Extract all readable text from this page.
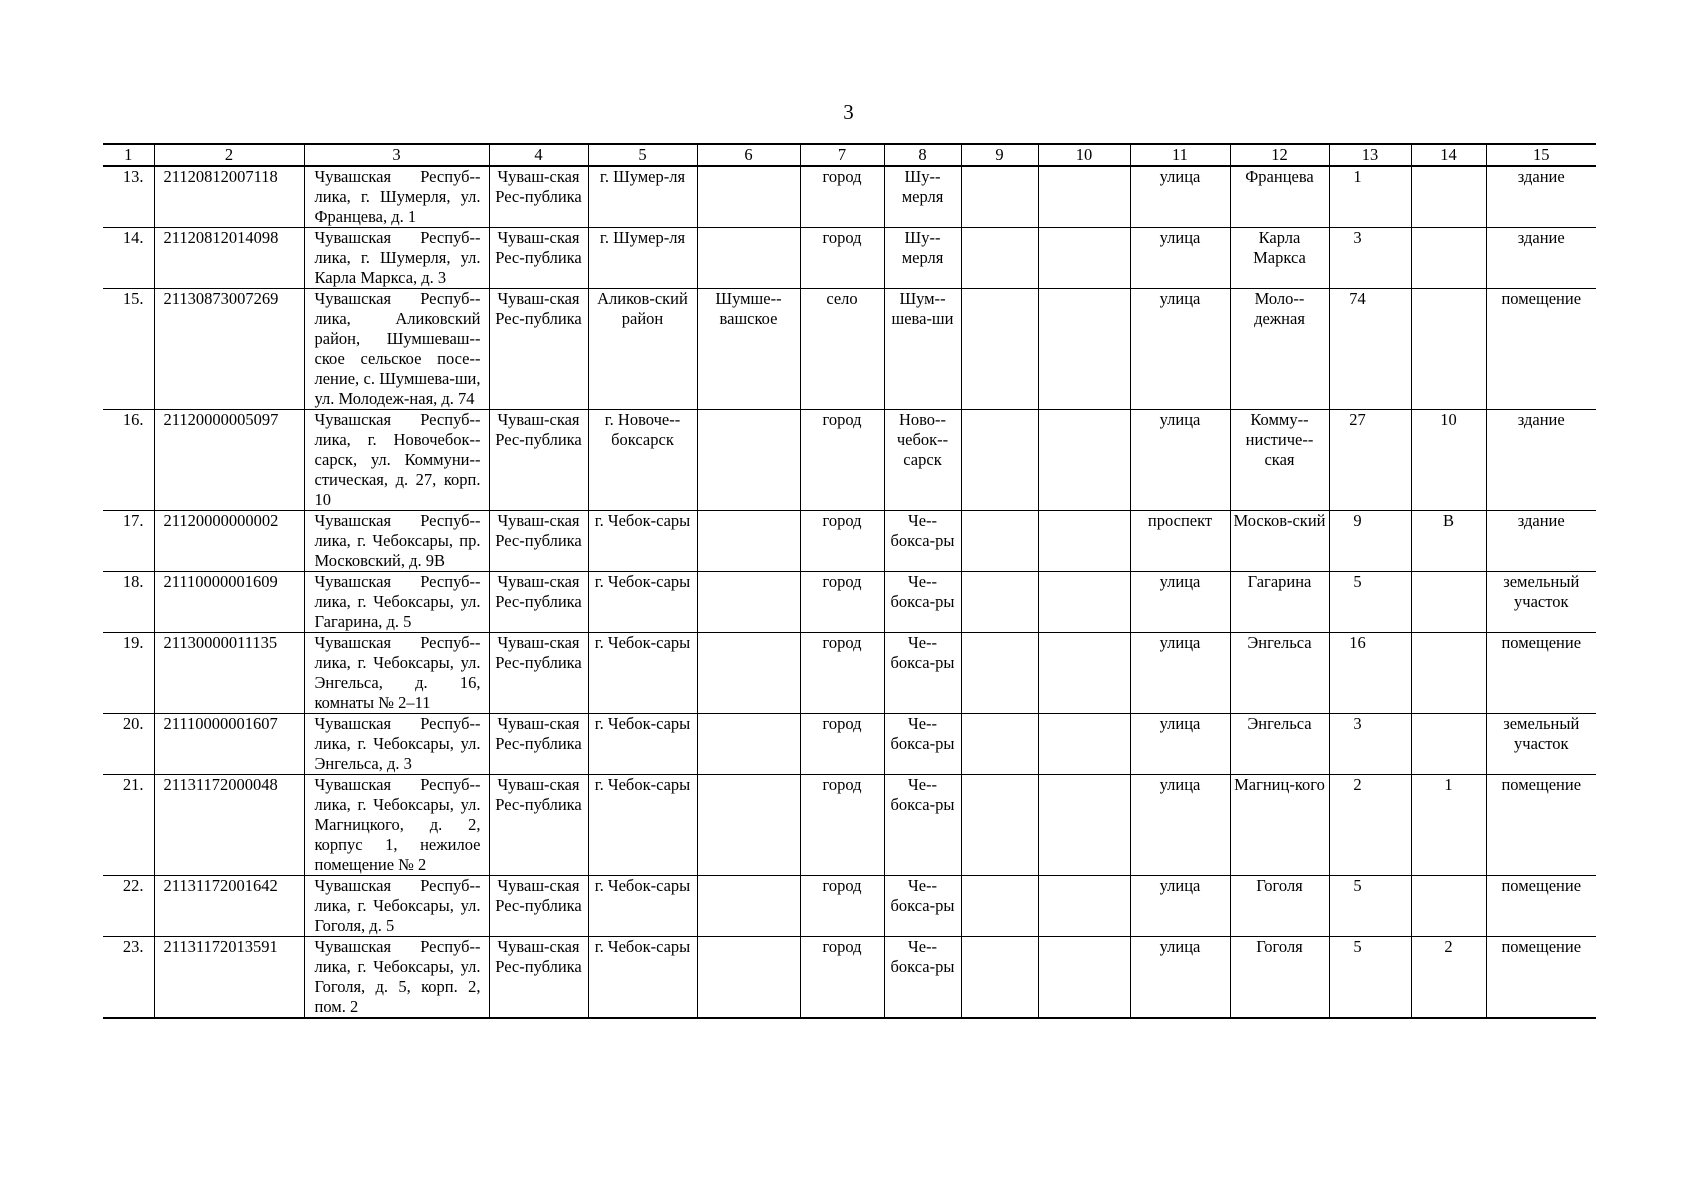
3
1	2	3	4	5	6	7	8	9	10	11	12	13	14	15
13.	21120812007118	Чувашская Респуб-лика, г. Шумерля, ул. Францева, д. 1	Чуваш-ская Рес-публика	г. Шумер-ля		город	Шу-мерля			улица	Францева	1		здание
14.	21120812014098	Чувашская Респуб-лика, г. Шумерля, ул. Карла Маркса, д. 3	Чуваш-ская Рес-публика	г. Шумер-ля		город	Шу-мерля			улица	Карла Маркса	3		здание
15.	21130873007269	Чувашская Респуб-лика, Аликовский район, Шумшеваш-ское сельское посе-ление, с. Шумшева-ши, ул. Молодеж-ная, д. 74	Чуваш-ская Рес-публика	Аликов-ский район	Шумше-вашское	село	Шум-шева-ши			улица	Моло-дежная	74		помещение
16.	21120000005097	Чувашская Респуб-лика, г. Новочебок-сарск, ул. Коммуни-стическая, д. 27, корп. 10	Чуваш-ская Рес-публика	г. Новоче-боксарск		город	Ново-чебок-сарск			улица	Комму-нистиче-ская	27	10	здание
17.	21120000000002	Чувашская Респуб-лика, г. Чебоксары, пр. Московский, д. 9В	Чуваш-ская Рес-публика	г. Чебок-сары		город	Че-бокса-ры			проспект	Москов-ский	9	В	здание
18.	21110000001609	Чувашская Респуб-лика, г. Чебоксары, ул. Гагарина, д. 5	Чуваш-ская Рес-публика	г. Чебок-сары		город	Че-бокса-ры			улица	Гагарина	5		земельный участок
19.	21130000011135	Чувашская Респуб-лика, г. Чебоксары, ул. Энгельса, д. 16, комнаты № 2–11	Чуваш-ская Рес-публика	г. Чебок-сары		город	Че-бокса-ры			улица	Энгельса	16		помещение
20.	21110000001607	Чувашская Респуб-лика, г. Чебоксары, ул. Энгельса, д. 3	Чуваш-ская Рес-публика	г. Чебок-сары		город	Че-бокса-ры			улица	Энгельса	3		земельный участок
21.	21131172000048	Чувашская Респуб-лика, г. Чебоксары, ул. Магницкого, д. 2, корпус 1, нежилое помещение № 2	Чуваш-ская Рес-публика	г. Чебок-сары		город	Че-бокса-ры			улица	Магниц-кого	2	1	помещение
22.	21131172001642	Чувашская Респуб-лика, г. Чебоксары, ул. Гоголя, д. 5	Чуваш-ская Рес-публика	г. Чебок-сары		город	Че-бокса-ры			улица	Гоголя	5		помещение
23.	21131172013591	Чувашская Респуб-лика, г. Чебоксары, ул. Гоголя, д. 5, корп. 2, пом. 2	Чуваш-ская Рес-публика	г. Чебок-сары		город	Че-бокса-ры			улица	Гоголя	5	2	помещение
